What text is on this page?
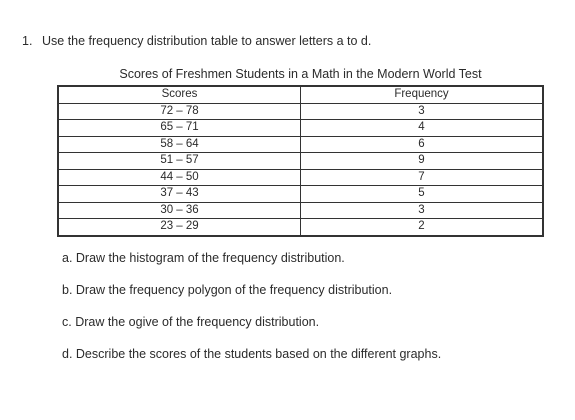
1. Use the frequency distribution table to answer letters a to d.
Scores of Freshmen Students in a Math in the Modern World Test
Scores	Frequency
72 – 78	3
65 – 71	4
58 – 64	6
51 – 57	9
44 – 50	7
37 – 43	5
30 – 36	3
23 – 29	2
a. Draw the histogram of the frequency distribution.
b. Draw the frequency polygon of the frequency distribution.
c. Draw the ogive of the frequency distribution.
d. Describe the scores of the students based on the different graphs.
